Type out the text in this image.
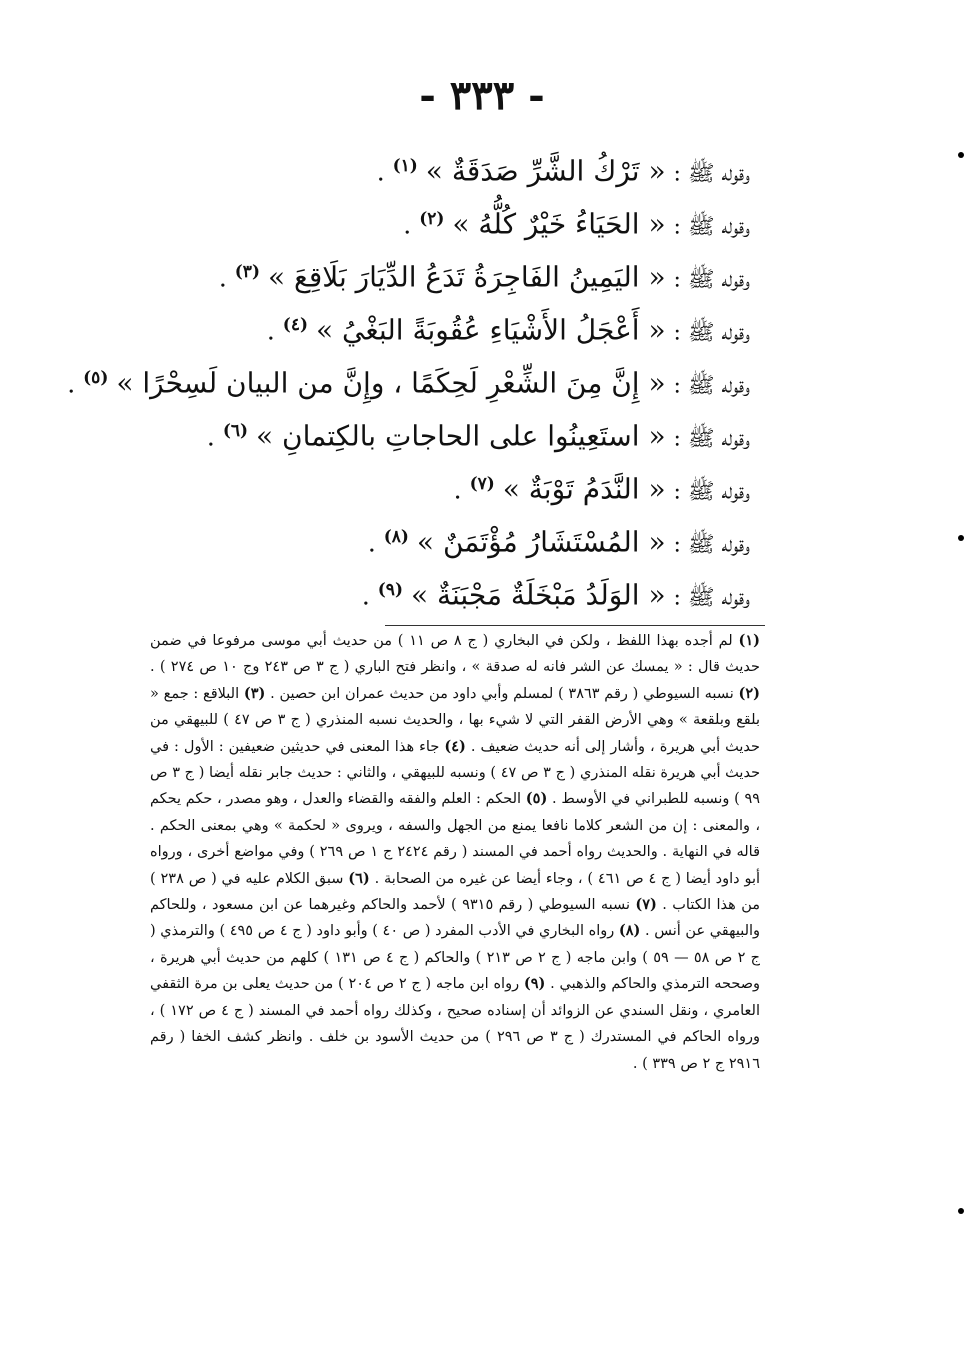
- ٣٣٣ -
وقوله ﷺ : « تَرْكُ الشَّرِّ صَدَقَةٌ » $^{(١)}$ .
وقوله ﷺ : « الحَيَاءُ خَيْرٌ كُلُّهُ » $^{(٢)}$ .
وقوله ﷺ : « اليَمِينُ الفَاجِرَةُ تَدَعُ الدِّيَارَ بَلَاقِعَ » $^{(٣)}$ .
وقوله ﷺ : « أَعْجَلُ الأَشْيَاءِ عُقُوبَةً البَغْيُ » $^{(٤)}$ .
وقوله ﷺ : « إِنَّ مِنَ الشِّعْرِ لَحِكَمًا ، وإِنَّ من البيان لَسِحْرًا » $^{(٥)}$ .
وقوله ﷺ : « استَعِينُوا على الحاجاتِ بالكِتمانِ » $^{(٦)}$ .
وقوله ﷺ : « النَّدَمُ تَوْبَةٌ » $^{(٧)}$ .
وقوله ﷺ : « المُسْتَشَارُ مُؤْتَمَنٌ » $^{(٨)}$ .
وقوله ﷺ : « الوَلَدُ مَبْخَلَةٌ مَجْبَنَةٌ » $^{(٩)}$ .
(١) لم أجده بهذا اللفظ ، ولكن في البخاري ( ج ٨ ص ١١ ) من حديث أبي موسى مرفوعا في ضمن حديث قال : « يمسك عن الشر فانه له صدقة » ، وانظر فتح الباري ( ج ٣ ص ٢٤٣ وج ١٠ ص ٢٧٤ ) . (٢) نسبه السيوطي ( رقم ٣٨٦٣ ) لمسلم وأبي داود من حديث عمران ابن حصين . (٣) البلاقع : جمع « بلقع وبلقعة » وهي الأرض القفر التي لا شيء بها ، والحديث نسبه المنذري ( ج ٣ ص ٤٧ ) للبيهقي من حديث أبي هريرة ، وأشار إلى أنه حديث ضعيف . (٤) جاء هذا المعنى في حديثين ضعيفين : الأول : في حديث أبي هريرة نقله المنذري ( ج ٣ ص ٤٧ ) ونسبه للبيهقي ، والثاني : حديث جابر نقله أيضا ( ج ٣ ص ٩٩ ) ونسبه للطبراني في الأوسط . (٥) الحكم : العلم والفقه والقضاء والعدل ، وهو مصدر ، حكم يحكم ، والمعنى : إن من الشعر كلاما نافعا يمنع من الجهل والسفه ، ويروى « لحكمة » وهي بمعنى الحكم . قاله في النهاية . والحديث رواه أحمد في المسند ( رقم ٢٤٢٤ ج ١ ص ٢٦٩ ) وفي مواضع أخرى ، ورواه أبو داود أيضا ( ج ٤ ص ٤٦١ ) ، وجاء أيضا عن غيره من الصحابة . (٦) سبق الكلام عليه في ( ص ٢٣٨ ) من هذا الكتاب . (٧) نسبه السيوطي ( رقم ٩٣١٥ ) لأحمد والحاكم وغيرهما عن ابن مسعود ، وللحاكم والبيهقي عن أنس . (٨) رواه البخاري في الأدب المفرد ( ص ٤٠ ) وأبو داود ( ج ٤ ص ٤٩٥ ) والترمذي ( ج ٢ ص ٥٨ — ٥٩ ) وابن ماجه ( ج ٢ ص ٢١٣ ) والحاكم ( ج ٤ ص ١٣١ ) كلهم من حديث أبي هريرة ، وصححه الترمذي والحاكم والذهبي . (٩) رواه ابن ماجه ( ج ٢ ص ٢٠٤ ) من حديث يعلى بن مرة الثقفي العامري ، ونقل السندي عن الزوائد أن إسناده صحيح ، وكذلك رواه أحمد في المسند ( ج ٤ ص ١٧٢ ) ، ورواه الحاكم في المستدرك ( ج ٣ ص ٢٩٦ ) من حديث الأسود بن خلف . وانظر كشف الخفا ( رقم ٢٩١٦ ج ٢ ص ٣٣٩ ) .
